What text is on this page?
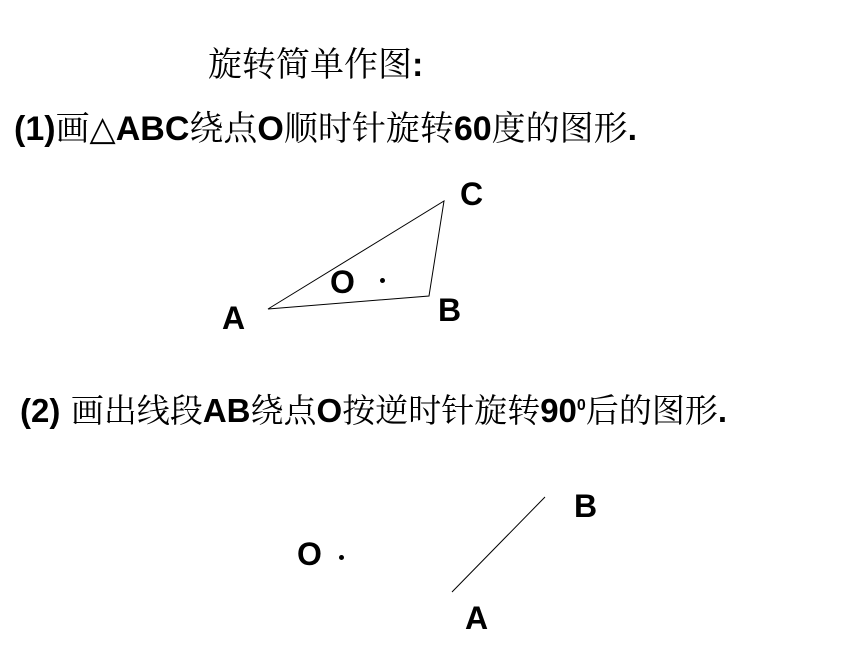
旋转简单作图:
(1)画△ABC绕点O顺时针旋转60度的图形.
C
O
B
A
(2) 画出线段AB绕点O按逆时针旋转$90^0$后的图形.
B
O
A
